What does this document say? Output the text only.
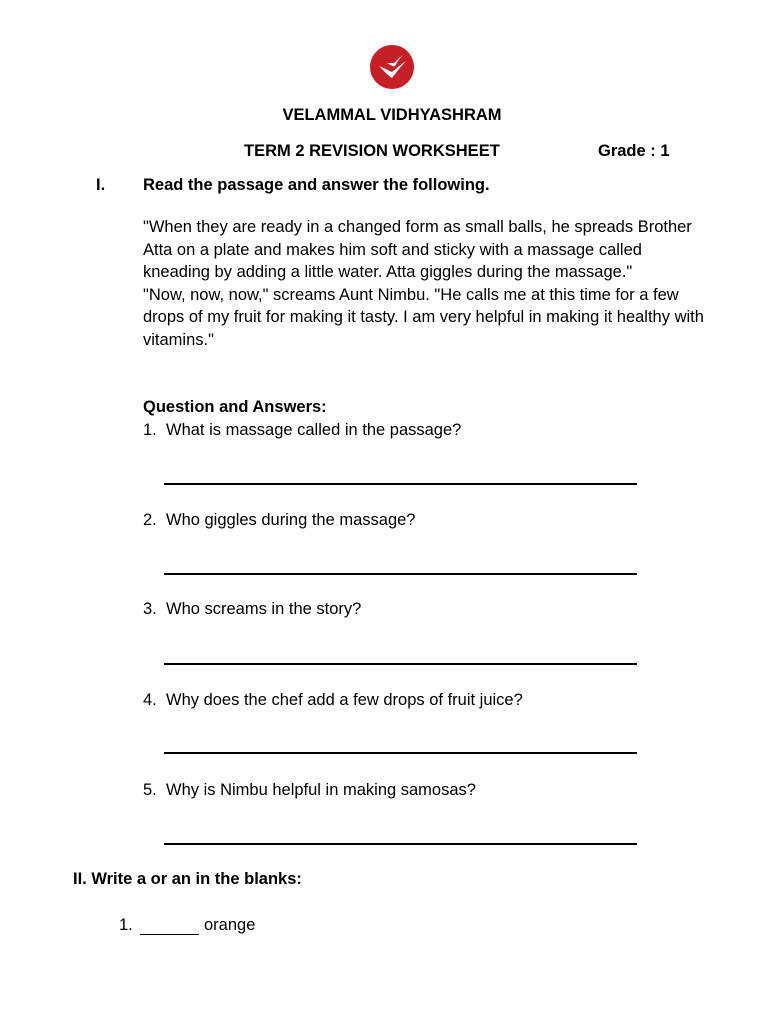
VELAMMAL VIDHYASHRAM
TERM 2 REVISION WORKSHEET	Grade : 1
I. Read the passage and answer the following.

"When they are ready in a changed form as small balls, he spreads Brother Atta on a plate and makes him soft and sticky with a massage called kneading by adding a little water. Atta giggles during the massage."

"Now, now, now," screams Aunt Nimbu. "He calls me at this time for a few drops of my fruit for making it tasty. I am very helpful in making it healthy with vitamins."

Question and Answers:
1. What is massage called in the passage?
2. Who giggles during the massage?
3. Who screams in the story?
4. Why does the chef add a few drops of fruit juice?
5. Why is Nimbu helpful in making samosas?
II. Write a or an in the blanks:
1.	orange
